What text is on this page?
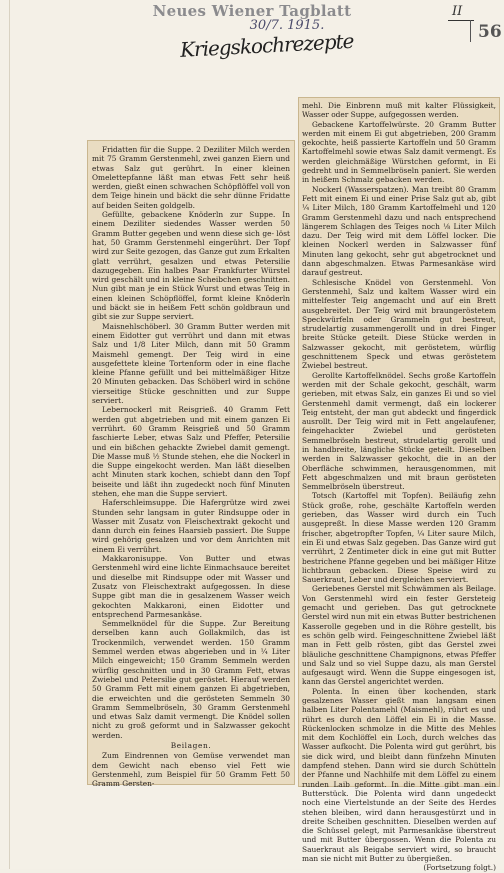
Neues Wiener Tagblatt
30/7. 1915.
II
56
Kriegskochrezepte

Fridatten für die Suppe. 2 Deziliter Milch werden mit 75 Gramm Gerstenmehl, zwei ganzen Eiern und etwas Salz gut gerührt. In einer kleinen Omelettepfanne läßt man etwas Fett sehr heiß werden, gießt einen schwachen Schöpflöffel voll von dem Teige hinein und bäckt die sehr dünne Fridatte auf beiden Seiten goldgelb.

Gefüllte, gebackene Knöderln zur Suppe. In einem Deziliter siedendes Wasser werden 50 Gramm Butter gegeben und wenn diese sich ge- löst hat, 50 Gramm Gerstenmehl eingerührt. Der Topf wird zur Seite gezogen, das Ganze gut zum Erkalten glatt verrührt, gesalzen und etwas Petersilie dazugegeben. Ein halbes Paar Frankfurter Würstel wird geschält und in kleine Scheibchen geschnitten. Nun gibt man je ein Stück Wurst und etwas Teig in einen kleinen Schöpflöffel, formt kleine Knöderln und bäckt sie in heißem Fett schön goldbraun und gibt sie zur Suppe serviert.

Maisnehlschöberl. 30 Gramm Butter werden mit einem Eidotter gut verrührt und dann mit etwas Salz und 1/8 Liter Milch, dann mit 50 Gramm Maismehl gemengt. Der Teig wird in eine ausgefettete kleine Tortenform oder in eine flache kleine Pfanne gefüllt und bei mittelmäßiger Hitze 20 Minuten gebacken. Das Schöberl wird in schöne vierseitige Stücke geschnitten und zur Suppe serviert.

Lebernockerl mit Reisgrieß. 40 Gramm Fett werden gut abgetrieben und mit einem ganzen Ei verrührt. 60 Gramm Reisgrieß und 50 Gramm faschierte Leber, etwas Salz und Pfeffer, Petersilie und ein bißchen gehackte Zwiebel damit gemengt. Die Masse muß ½ Stunde stehen, ehe die Nockerl in die Suppe eingekocht werden. Man läßt dieselben acht Minuten stark kochen, schiebt dann den Topf beiseite und läßt ihn zugedeckt noch fünf Minuten stehen, ehe man die Suppe serviert.

Haferschleimsuppe. Die Hafergrütze wird zwei Stunden sehr langsam in guter Rindsuppe oder in Wasser mit Zusatz von Fleischextrakt gekocht und dann durch ein feines Haarsieb passiert. Die Suppe wird gehörig gesalzen und vor dem Anrichten mit einem Ei verrührt.

Makkaronisuppe. Von Butter und etwas Gerstenmehl wird eine lichte Einmachsauce bereitet und dieselbe mit Rindsuppe oder mit Wasser und Zusatz von Fleischextrakt aufgegossen. In diese Suppe gibt man die in gesalzenem Wasser weich gekochten Makkaroni, einen Eidotter und entsprechend Parmesankäse.

Semmelknödel für die Suppe. Zur Bereitung derselben kann auch Gollakmilch, das ist Trockenmilch, verwendet werden. 150 Gramm Semmel werden etwas abgerieben und in ¼ Liter Milch eingeweicht; 150 Gramm Semmeln werden würflig geschnitten und in 30 Gramm Fett, etwas Zwiebel und Petersilie gut geröstet. Hierauf werden 50 Gramm Fett mit einem ganzen Ei abgetrieben, die erweichten und die gerösteten Semmeln 30 Gramm Semmelbröseln, 30 Gramm Gerstenmehl und etwas Salz damit vermengt. Die Knödel sollen nicht zu groß geformt und in Salzwasser gekocht werden.

Beilagen.

Zum Eindrennen von Gemüse verwendet man dem Gewicht nach ebenso viel Fett wie Gerstenmehl, zum Beispiel für 50 Gramm Fett 50 Gramm Gersten-

mehl. Die Einbrenn muß mit kalter Flüssigkeit, Wasser oder Suppe, aufgegossen werden.

Gebackene Kartoffelwürste. 20 Gramm Butter werden mit einem Ei gut abgetrieben, 200 Gramm gekochte, heiß passierte Kartoffeln und 50 Gramm Kartoffelmehl sowie etwas Salz damit vermengt. Es werden gleichmäßige Würstchen geformt, in Ei gedreht und in Semmelbröseln paniert. Sie werden in heißem Schmalz gebacken werden.

Nockerl (Wasserspatzen). Man treibt 80 Gramm Fett mit einem Ei und einer Prise Salz gut ab, gibt ¼ Liter Milch, 180 Gramm Kartoffelmehl und 120 Gramm Gerstenmehl dazu und nach entsprechend längerem Schlagen des Teiges noch ⅛ Liter Milch dazu. Der Teig wird mit dem Löffel locker. Die kleinen Nockerl werden in Salzwasser fünf Minuten lang gekocht, sehr gut abgetrocknet und dann abgeschmalzen. Etwas Parmesankäse wird darauf gestreut.

Schlesische Knödel von Gerstenmehl. Von Gerstenmehl, Salz und kaltem Wasser wird ein mittelfester Teig angemacht und auf ein Brett ausgebreitet. Der Teig wird mit braungeröstetem Speckwürfeln oder Grammeln gut bestreut, strudelartig zusammengerollt und in drei Finger breite Stücke geteilt. Diese Stücke werden in Salzwasser gekocht, mit geröstetem, würflig geschnittenem Speck und etwas geröstetem Zwiebel bestreut.

Gerollte Kartoffelknödel. Sechs große Kartoffeln werden mit der Schale gekocht, geschält, warm gerieben, mit etwas Salz, ein ganzes Ei und so viel Gerstenmehl damit vermengt, daß ein lockerer Teig entsteht, der man gut abdeckt und fingerdick ausrollt. Der Teig wird mit in Fett angelaufener, feingehackter Zwiebel und gerösteten Semmelbröseln bestreut, strudelartig gerollt und in handbreite, längliche Stücke geteilt. Dieselben werden in Salzwasser gekocht, die in an der Oberfläche schwimmen, herausgenommen, mit Fett abgeschmalzen und mit braun gerösteten Semmelbröseln überstreut.

Totsch (Kartoffel mit Topfen). Beiläufig zehn Stück große, rohe, geschälte Kartoffeln werden gerieben, das Wasser wird durch ein Tuch ausgepreßt. In diese Masse werden 120 Gramm frischer, abgetropfter Topfen, ¼ Liter saure Milch, ein Ei und etwas Salz gegeben. Das Ganze wird gut verrührt, 2 Zentimeter dick in eine gut mit Butter bestrichene Pfanne gegeben und bei mäßiger Hitze lichtbraun gebacken. Diese Speise wird zu Sauerkraut, Leber und dergleichen serviert.

Geriebenes Gerstel mit Schwämmen als Beilage. Von Gerstenmehl wird ein fester Gersteteig gemacht und gerieben. Das gut getrocknete Gerstel wird nun mit ein etwas Butter bestrichenen Kasserolle gegeben und in die Röhre gestellt, bis es schön gelb wird. Feingeschnittene Zwiebel läßt man in Fett gelb rösten, gibt das Gerstel zwei bläuliche geschnittene Champignons, etwas Pfeffer und Salz und so viel Suppe dazu, als man Gerstel aufgesaugt wird. Wenn die Suppe eingesogen ist, kann das Gerstel angerichtet werden.

Polenta. In einen über kochenden, stark gesalzenes Wasser gießt man langsam einen halben Liter Polentamehl (Maismehl), rührt es und rührt es durch den Löffel ein Ei in die Masse. Rückenlocken schmolze in die Mitte des Mehles mit dem Kochlöffel ein Loch, durch welches das Wasser aufkocht. Die Polenta wird gut gerührt, bis sie dick wird, und bleibt dann fünfzehn Minuten dampfend stehen. Dann wird sie durch Schütteln der Pfanne und Nachhilfe mit dem Löffel zu einem runden Laib geformt. In die Mitte gibt man ein Butterstück. Die Polenta wird dann ungedeckt noch eine Viertelstunde an der Seite des Herdes stehen bleiben, wird dann herausgestürzt und in dreite Scheiben geschnitten. Dieselben werden auf die Schüssel gelegt, mit Parmesankäse überstreut und mit Butter übergossen. Wenn die Polenta zu Sauerkraut als Beigabe serviert wird, so braucht man sie nicht mit Butter zu übergießen.

(Fortsetzung folgt.)
